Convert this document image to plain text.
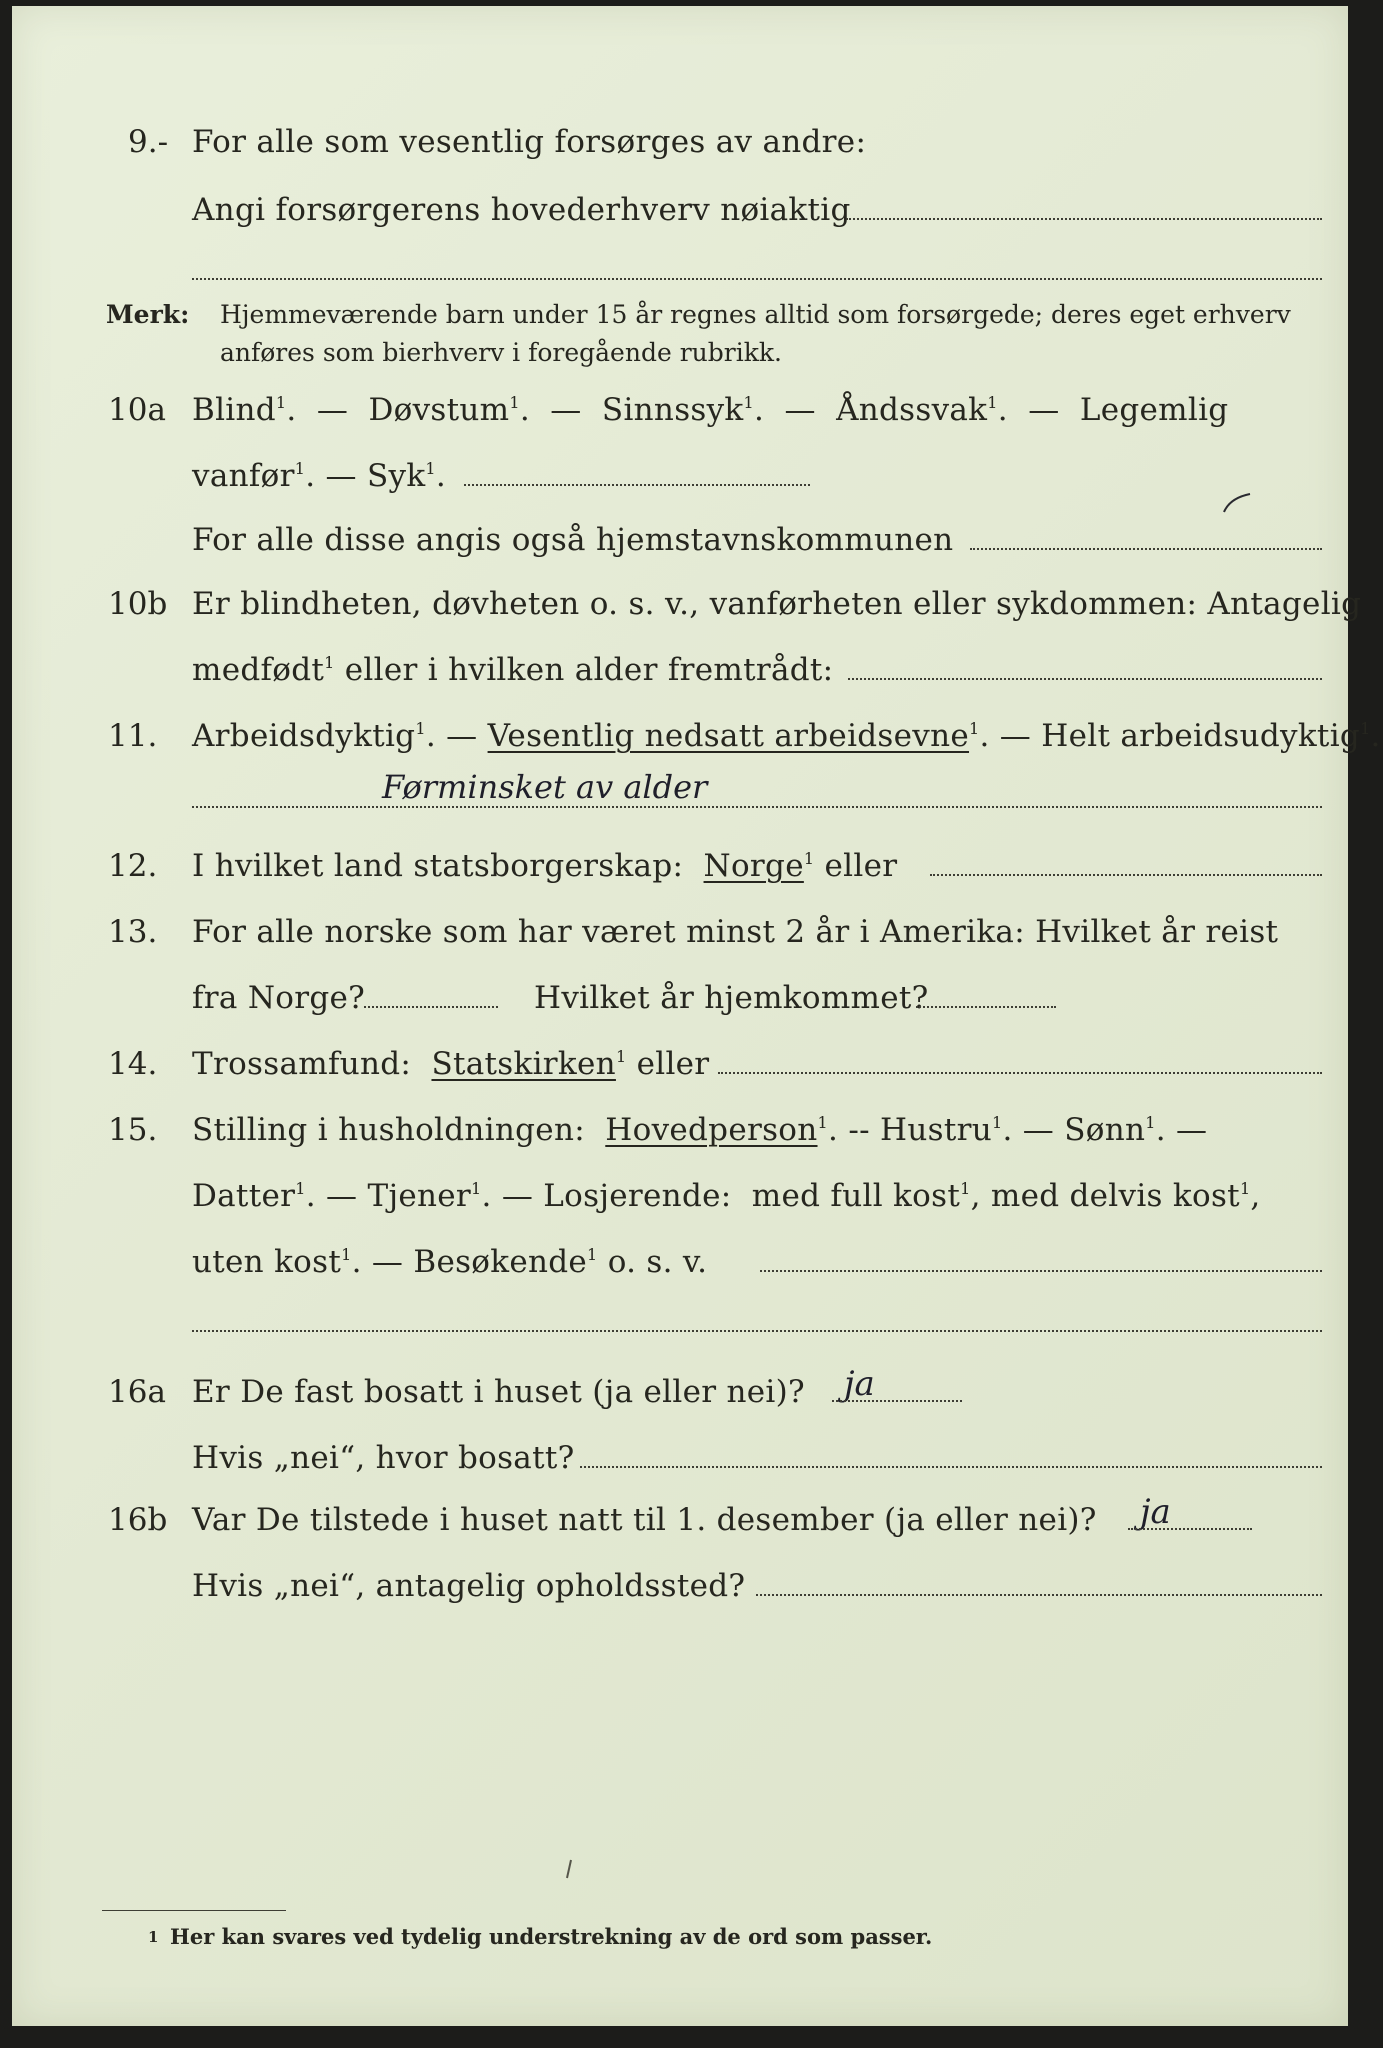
9.- For alle som vesentlig forsørges av andre:
Angi forsørgerens hovederhverv nøiaktig
Merk: Hjemmeværende barn under 15 år regnes alltid som forsørgede; deres eget erhverv
anføres som bierhverv i foregående rubrikk.
10a Blind$^1$.  —  Døvstum$^1$.  —  Sinnssyk$^1$.  —  Åndssvak$^1$.  —  Legemlig
vanfør$^1$. — Syk$^1$.
For alle disse angis også hjemstavnskommunen
10b Er blindheten, døvheten o. s. v., vanførheten eller sykdommen: Antagelig
medfødt$^1$ eller i hvilken alder fremtrådt:
11. Arbeidsdyktig$^1$. — Vesentlig nedsatt arbeidsevne$^1$. — Helt arbeidsudyktig$^1$.
Førminsket av alder
12. I hvilket land statsborgerskap: Norge$^1$ eller
13. For alle norske som har været minst 2 år i Amerika: Hvilket år reist
fra Norge?	Hvilket år hjemkommet?
14. Trossamfund: Statskirken$^1$ eller
15. Stilling i husholdningen: Hovedperson$^1$. -- Hustru$^1$. — Sønn$^1$. —
Datter$^1$. — Tjener$^1$. — Losjerende: med full kost$^1$, med delvis kost$^1$,
uten kost$^1$. — Besøkende$^1$ o. s. v.
16a Er De fast bosatt i huset (ja eller nei)? ja
Hvis „nei“, hvor bosatt?
16b Var De tilstede i huset natt til 1. desember (ja eller nei)? ja
Hvis „nei“, antagelig opholdssted?
1 Her kan svares ved tydelig understrekning av de ord som passer.
